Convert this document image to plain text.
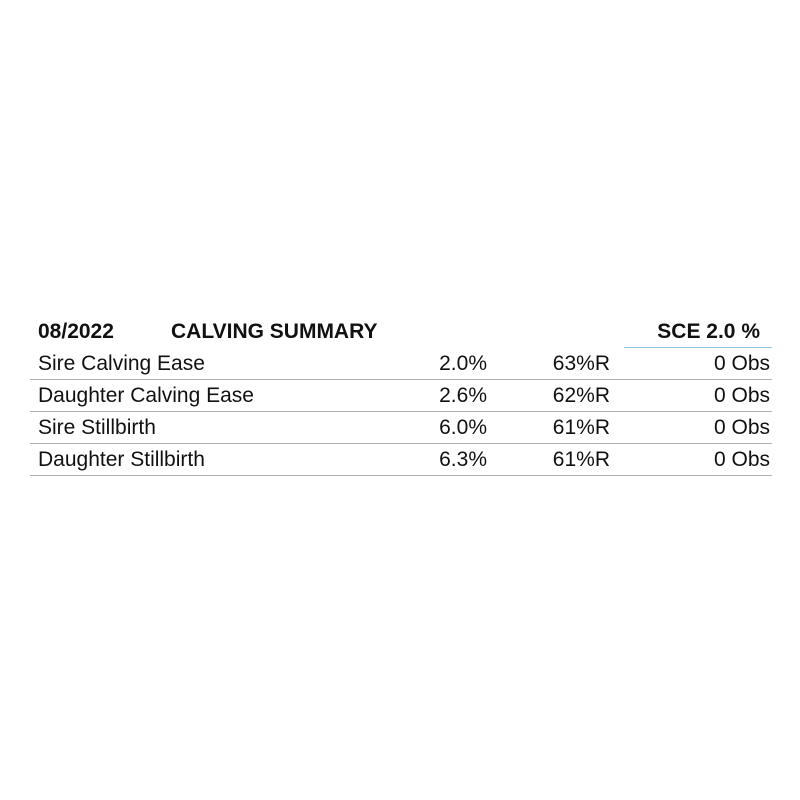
08/2022	CALVING SUMMARY	SCE 2.0 %
Sire Calving Ease	2.0%	63%R	0 Obs
Daughter Calving Ease	2.6%	62%R	0 Obs
Sire Stillbirth	6.0%	61%R	0 Obs
Daughter Stillbirth	6.3%	61%R	0 Obs
